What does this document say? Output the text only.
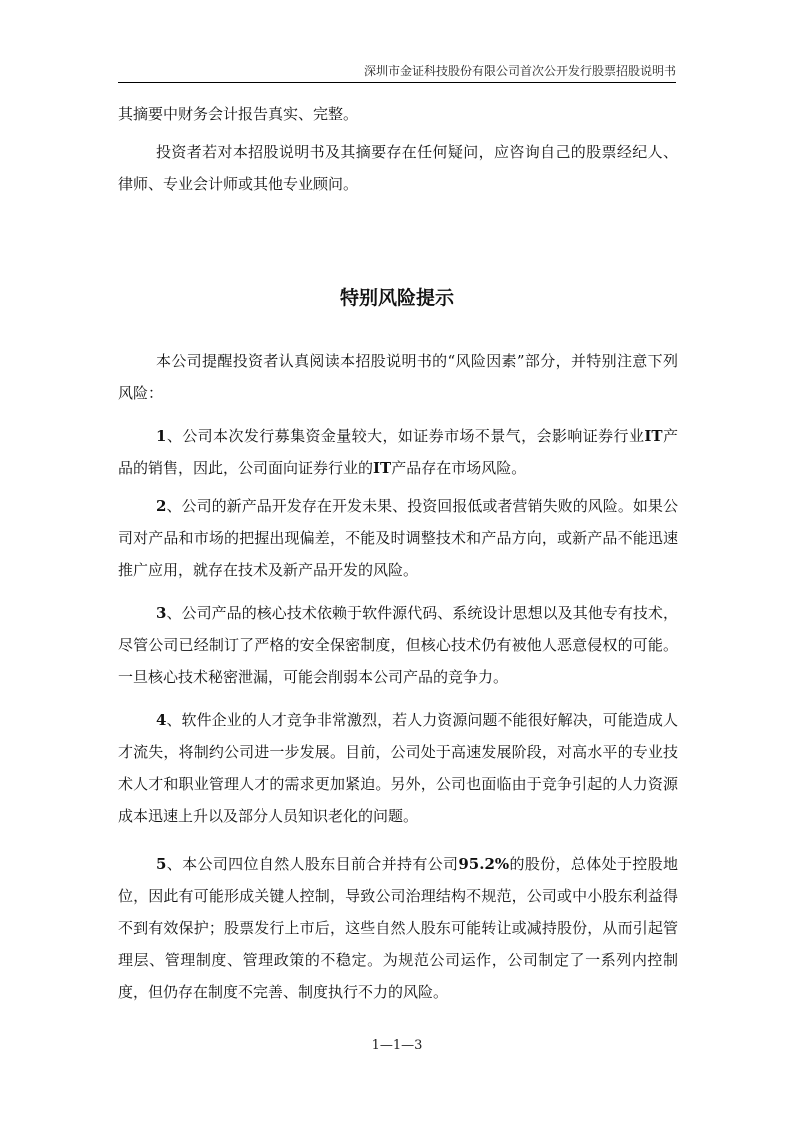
深圳市金证科技股份有限公司首次公开发行股票招股说明书

其摘要中财务会计报告真实、完整。

投资者若对本招股说明书及其摘要存在任何疑问，应咨询自己的股票经纪人、律师、专业会计师或其他专业顾问。

特别风险提示

本公司提醒投资者认真阅读本招股说明书的“风险因素”部分，并特别注意下列风险：

1、公司本次发行募集资金量较大，如证券市场不景气，会影响证券行业IT产品的销售，因此，公司面向证券行业的IT产品存在市场风险。

2、公司的新产品开发存在开发未果、投资回报低或者营销失败的风险。如果公司对产品和市场的把握出现偏差，不能及时调整技术和产品方向，或新产品不能迅速推广应用，就存在技术及新产品开发的风险。

3、公司产品的核心技术依赖于软件源代码、系统设计思想以及其他专有技术，尽管公司已经制订了严格的安全保密制度，但核心技术仍有被他人恶意侵权的可能。一旦核心技术秘密泄漏，可能会削弱本公司产品的竞争力。

4、软件企业的人才竞争非常激烈，若人力资源问题不能很好解决，可能造成人才流失，将制约公司进一步发展。目前，公司处于高速发展阶段，对高水平的专业技术人才和职业管理人才的需求更加紧迫。另外，公司也面临由于竞争引起的人力资源成本迅速上升以及部分人员知识老化的问题。

5、本公司四位自然人股东目前合并持有公司95.2%的股份，总体处于控股地位，因此有可能形成关键人控制，导致公司治理结构不规范，公司或中小股东利益得不到有效保护；股票发行上市后，这些自然人股东可能转让或减持股份，从而引起管理层、管理制度、管理政策的不稳定。为规范公司运作，公司制定了一系列内控制度，但仍存在制度不完善、制度执行不力的风险。

1—1—3
